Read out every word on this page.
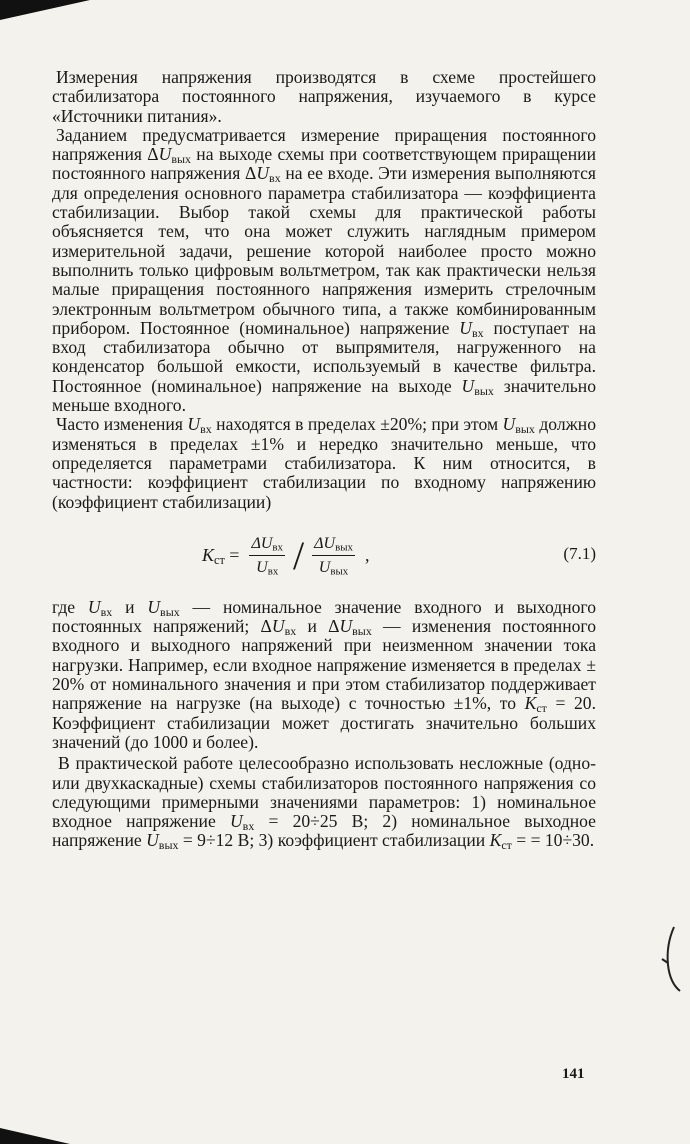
Измерения напряжения производятся в схеме простейшего стабилизатора постоянного напряжения, изучаемого в курсе «Источники питания».

Заданием предусматривается измерение приращения постоянного напряжения $\Delta U_{вых}$ на выходе схемы при соответствующем приращении постоянного напряжения $\Delta U_{вх}$ на ее входе. Эти измерения выполняются для определения основного параметра стабилизатора — коэффициента стабилизации. Выбор такой схемы для практической работы объясняется тем, что она может служить наглядным примером измерительной задачи, решение которой наиболее просто можно выполнить только цифровым вольтметром, так как практически нельзя малые приращения постоянного напряжения измерить стрелочным электронным вольтметром обычного типа, а также комбинированным прибором. Постоянное (номинальное) напряжение $U_{вх}$ поступает на вход стабилизатора обычно от выпрямителя, нагруженного на конденсатор большой емкости, используемый в качестве фильтра. Постоянное (номинальное) напряжение на выходе $U_{вых}$ значительно меньше входного.

Часто изменения $U_{вх}$ находятся в пределах ±20%; при этом $U_{вых}$ должно изменяться в пределах ±1% и нередко значительно меньше, что определяется параметрами стабилизатора. К ним относится, в частности: коэффициент стабилизации по входному напряжению (коэффициент стабилизации)

$K_{ст} = \frac{\Delta U_{вх}}{U_{вх}} / \frac{\Delta U_{вых}}{U_{вых}}$ ,	(7.1)

где $U_{вх}$ и $U_{вых}$ — номинальное значение входного и выходного постоянных напряжений; $\Delta U_{вх}$ и $\Delta U_{вых}$ — изменения постоянного входного и выходного напряжений при неизменном значении тока нагрузки. Например, если входное напряжение изменяется в пределах ± 20% от номинального значения и при этом стабилизатор поддерживает напряжение на нагрузке (на выходе) с точностью ±1%, то $K_{ст} = 20$. Коэффициент стабилизации может достигать значительно больших значений (до 1000 и более).

В практической работе целесообразно использовать несложные (одно-или двухкаскадные) схемы стабилизаторов постоянного напряжения со следующими примерными значениями параметров: 1) номинальное входное напряжение $U_{вх} = 20\div 25$ В; 2) номинальное выходное напряжение $U_{вых} = 9\div 12$ В; 3) коэффициент стабилизации $K_{ст}$ = = 10÷30.

141
